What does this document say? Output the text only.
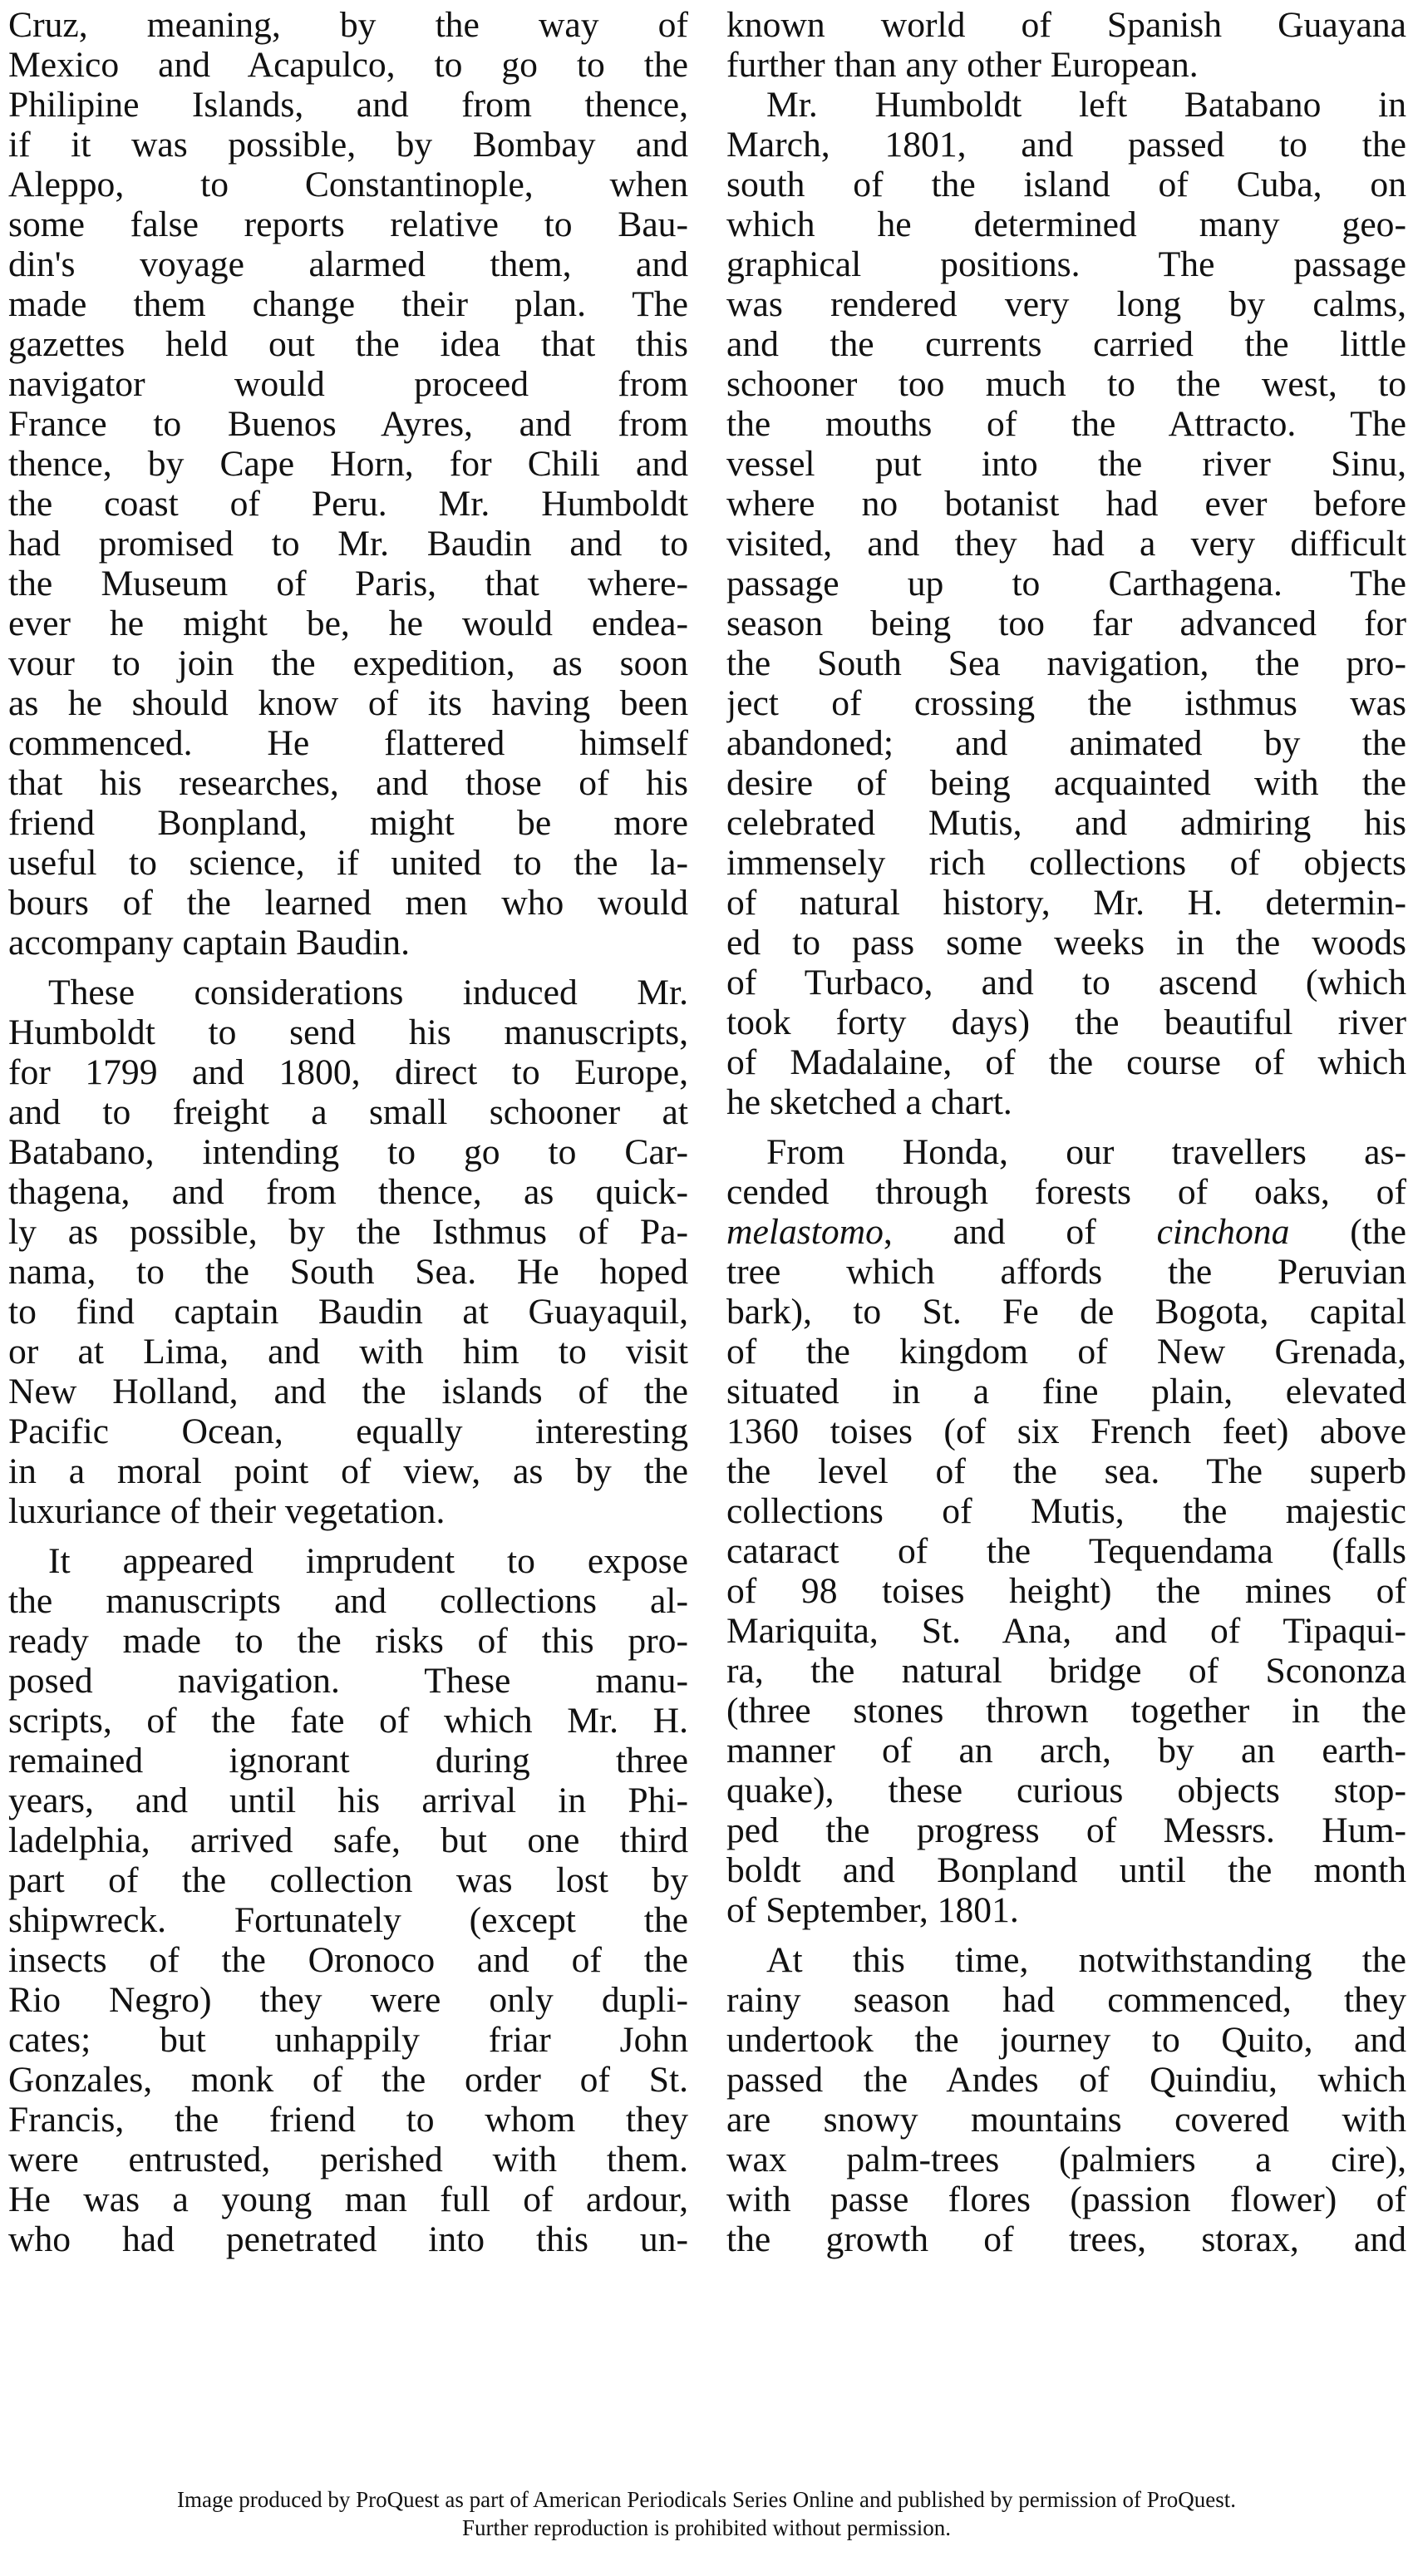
Cruz, meaning, by the way of
Mexico and Acapulco, to go to the
Philipine Islands, and from thence,
if it was possible, by Bombay and
Aleppo, to Constantinople, when
some false reports relative to Bau-
din's voyage alarmed them, and
made them change their plan. The
gazettes held out the idea that this
navigator would proceed from
France to Buenos Ayres, and from
thence, by Cape Horn, for Chili and
the coast of Peru. Mr. Humboldt
had promised to Mr. Baudin and to
the Museum of Paris, that where-
ever he might be, he would endea-
vour to join the expedition, as soon
as he should know of its having been
commenced. He flattered himself
that his researches, and those of his
friend Bonpland, might be more
useful to science, if united to the la-
bours of the learned men who would
accompany captain Baudin.
These considerations induced Mr.
Humboldt to send his manuscripts,
for 1799 and 1800, direct to Europe,
and to freight a small schooner at
Batabano, intending to go to Car-
thagena, and from thence, as quick-
ly as possible, by the Isthmus of Pa-
nama, to the South Sea. He hoped
to find captain Baudin at Guayaquil,
or at Lima, and with him to visit
New Holland, and the islands of the
Pacific Ocean, equally interesting
in a moral point of view, as by the
luxuriance of their vegetation.
It appeared imprudent to expose
the manuscripts and collections al-
ready made to the risks of this pro-
posed navigation. These manu-
scripts, of the fate of which Mr. H.
remained ignorant during three
years, and until his arrival in Phi-
ladelphia, arrived safe, but one third
part of the collection was lost by
shipwreck. Fortunately (except the
insects of the Oronoco and of the
Rio Negro) they were only dupli-
cates; but unhappily friar John
Gonzales, monk of the order of St.
Francis, the friend to whom they
were entrusted, perished with them.
He was a young man full of ardour,
who had penetrated into this un-
known world of Spanish Guayana
further than any other European.
Mr. Humboldt left Batabano in
March, 1801, and passed to the
south of the island of Cuba, on
which he determined many geo-
graphical positions. The passage
was rendered very long by calms,
and the currents carried the little
schooner too much to the west, to
the mouths of the Attracto. The
vessel put into the river Sinu,
where no botanist had ever before
visited, and they had a very difficult
passage up to Carthagena. The
season being too far advanced for
the South Sea navigation, the pro-
ject of crossing the isthmus was
abandoned; and animated by the
desire of being acquainted with the
celebrated Mutis, and admiring his
immensely rich collections of objects
of natural history, Mr. H. determin-
ed to pass some weeks in the woods
of Turbaco, and to ascend (which
took forty days) the beautiful river
of Madalaine, of the course of which
he sketched a chart.
From Honda, our travellers as-
cended through forests of oaks, of
melastomo, and of cinchona (the
tree which affords the Peruvian
bark), to St. Fe de Bogota, capital
of the kingdom of New Grenada,
situated in a fine plain, elevated
1360 toises (of six French feet) above
the level of the sea. The superb
collections of Mutis, the majestic
cataract of the Tequendama (falls
of 98 toises height) the mines of
Mariquita, St. Ana, and of Tipaqui-
ra, the natural bridge of Scononza
(three stones thrown together in the
manner of an arch, by an earth-
quake), these curious objects stop-
ped the progress of Messrs. Hum-
boldt and Bonpland until the month
of September, 1801.
At this time, notwithstanding the
rainy season had commenced, they
undertook the journey to Quito, and
passed the Andes of Quindiu, which
are snowy mountains covered with
wax palm-trees (palmiers a cire),
with passe flores (passion flower) of
the growth of trees, storax, and
Image produced by ProQuest as part of American Periodicals Series Online and published by permission of ProQuest.
Further reproduction is prohibited without permission.
